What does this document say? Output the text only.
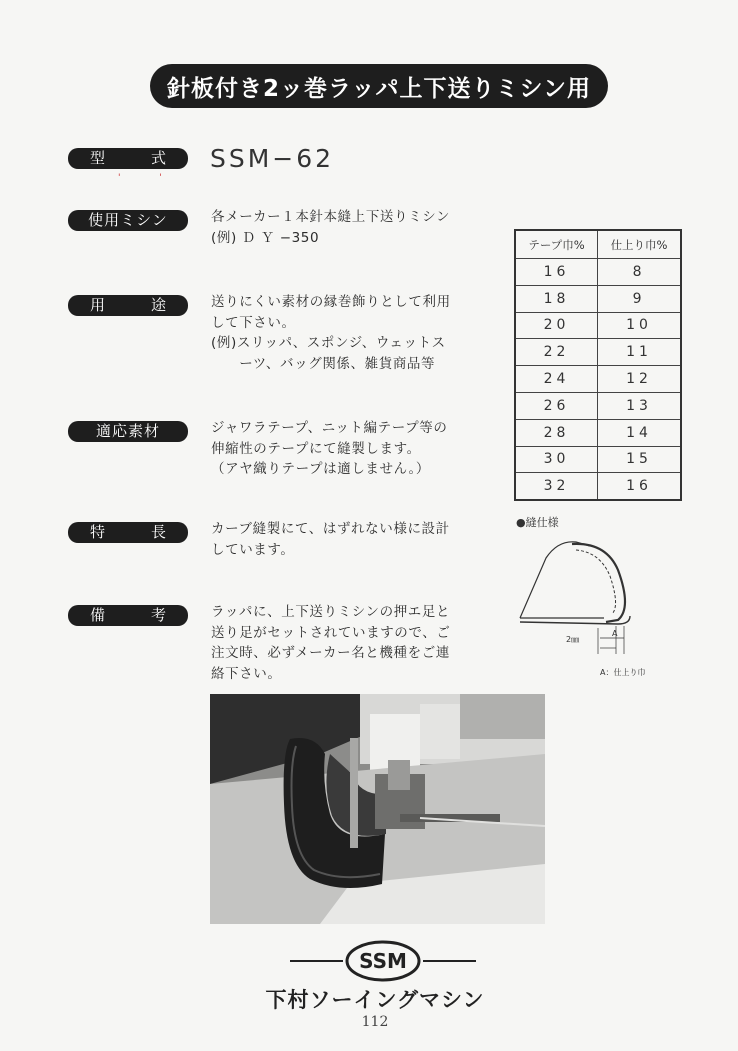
針板付き2ッ巻ラッパ上下送りミシン用
型	式
' '
SSM−62
使用ミシン	各メーカー１本針本縫上下送りミシン
(例) Ｄ Ｙ −350
用	途	送りにくい素材の縁巻飾りとして利用
して下さい。
(例)スリッパ、スポンジ、ウェットス
　　ーツ、バッグ関係、雑貨商品等
適応素材	ジャワラテープ、ニット編テープ等の
伸縮性のテープにて縫製します。
（アヤ織りテープは適しません。）
特	長	カーブ縫製にて、はずれない様に設計
しています。
備	考	ラッパに、上下送りミシンの押エ足と
送り足がセットされていますので、ご
注文時、必ずメーカー名と機種をご連
絡下さい。
テープ巾%	仕上り巾%
16	8
18	9
20	10
22	11
24	12
26	13
28	14
30	15
32	16
●縫仕様
2㎜
A
A：仕上り巾
SSM
下村ソーイングマシン
112
